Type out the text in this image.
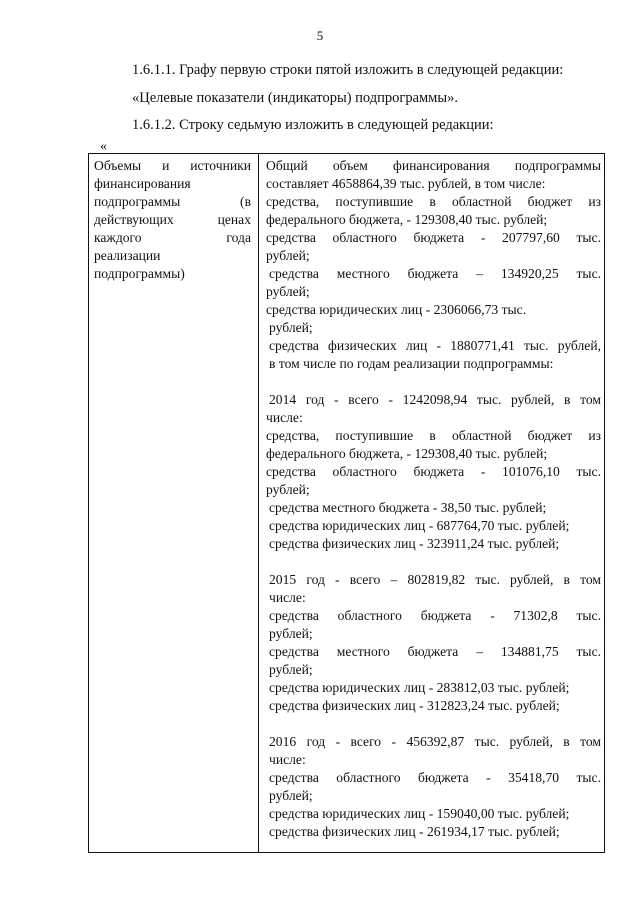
5
1.6.1.1. Графу первую строки пятой изложить в следующей редакции:
«Целевые показатели (индикаторы) подпрограммы».
1.6.1.2. Строку седьмую изложить в следующей редакции:
«
Объемы и источники
финансирования
подпрограммы (в
действующих ценах
каждого года
реализации
подпрограммы)
Общий объем финансирования подпрограммы
составляет 4658864,39 тыс. рублей, в том числе:
средства, поступившие в областной бюджет из
федерального бюджета, - 129308,40 тыс. рублей;
средства областного бюджета - 207797,60 тыс.
рублей;
средства местного бюджета – 134920,25 тыс.
рублей;
средства юридических лиц - 2306066,73 тыс.
рублей;
средства физических лиц - 1880771,41 тыс. рублей,
в том числе по годам реализации подпрограммы:
2014 год - всего - 1242098,94 тыс. рублей, в том
числе:
средства, поступившие в областной бюджет из
федерального бюджета, - 129308,40 тыс. рублей;
средства областного бюджета - 101076,10 тыс.
рублей;
средства местного бюджета - 38,50 тыс. рублей;
средства юридических лиц - 687764,70 тыс. рублей;
средства физических лиц - 323911,24 тыс. рублей;
2015 год - всего – 802819,82 тыс. рублей, в том
числе:
средства областного бюджета - 71302,8 тыс.
рублей;
средства местного бюджета – 134881,75 тыс.
рублей;
средства юридических лиц - 283812,03 тыс. рублей;
средства физических лиц - 312823,24 тыс. рублей;
2016 год - всего - 456392,87 тыс. рублей, в том
числе:
средства областного бюджета - 35418,70 тыс.
рублей;
средства юридических лиц - 159040,00 тыс. рублей;
средства физических лиц - 261934,17 тыс. рублей;
